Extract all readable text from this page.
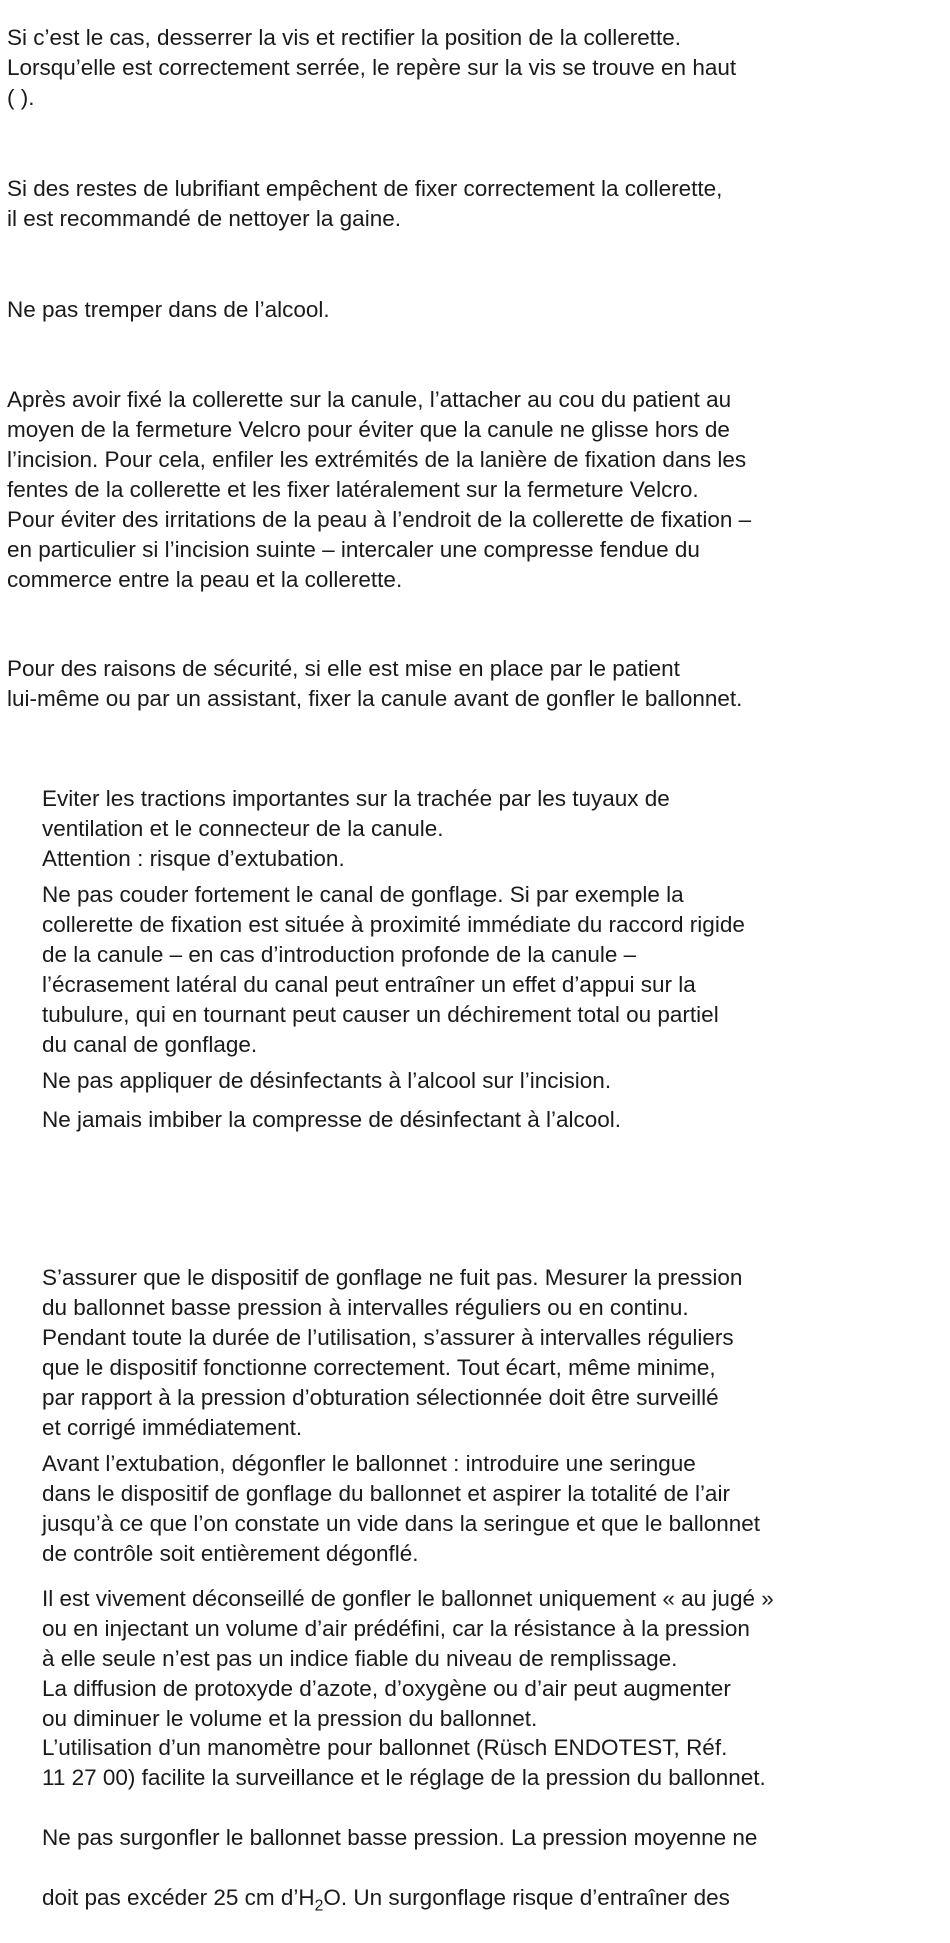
Si c’est le cas, desserrer la vis et rectifier la position de la collerette.
Lorsqu’elle est correctement serrée, le repère sur la vis se trouve en haut
( ).

Si des restes de lubrifiant empêchent de fixer correctement la collerette,
il est recommandé de nettoyer la gaine.

Ne pas tremper dans de l’alcool.

Après avoir fixé la collerette sur la canule, l’attacher au cou du patient au
moyen de la fermeture Velcro pour éviter que la canule ne glisse hors de
l’incision. Pour cela, enfiler les extrémités de la lanière de fixation dans les
fentes de la collerette et les fixer latéralement sur la fermeture Velcro.
Pour éviter des irritations de la peau à l’endroit de la collerette de fixation –
en particulier si l’incision suinte – intercaler une compresse fendue du
commerce entre la peau et la collerette.

Pour des raisons de sécurité, si elle est mise en place par le patient
lui-même ou par un assistant, fixer la canule avant de gonfler le ballonnet.

Eviter les tractions importantes sur la trachée par les tuyaux de
ventilation et le connecteur de la canule.
Attention : risque d’extubation.

Ne pas couder fortement le canal de gonflage. Si par exemple la
collerette de fixation est située à proximité immédiate du raccord rigide
de la canule – en cas d’introduction profonde de la canule –
l’écrasement latéral du canal peut entraîner un effet d’appui sur la
tubulure, qui en tournant peut causer un déchirement total ou partiel
du canal de gonflage.

Ne pas appliquer de désinfectants à l’alcool sur l’incision.

Ne jamais imbiber la compresse de désinfectant à l’alcool.

S’assurer que le dispositif de gonflage ne fuit pas. Mesurer la pression
du ballonnet basse pression à intervalles réguliers ou en continu.
Pendant toute la durée de l’utilisation, s’assurer à intervalles réguliers
que le dispositif fonctionne correctement. Tout écart, même minime,
par rapport à la pression d’obturation sélectionnée doit être surveillé
et corrigé immédiatement.

Avant l’extubation, dégonfler le ballonnet : introduire une seringue
dans le dispositif de gonflage du ballonnet et aspirer la totalité de l’air
jusqu’à ce que l’on constate un vide dans la seringue et que le ballonnet
de contrôle soit entièrement dégonflé.

Il est vivement déconseillé de gonfler le ballonnet uniquement « au jugé »
ou en injectant un volume d’air prédéfini, car la résistance à la pression
à elle seule n’est pas un indice fiable du niveau de remplissage.
La diffusion de protoxyde d’azote, d’oxygène ou d’air peut augmenter
ou diminuer le volume et la pression du ballonnet.

L’utilisation d’un manomètre pour ballonnet (Rüsch ENDOTEST, Réf.
11 27 00) facilite la surveillance et le réglage de la pression du ballonnet.

Ne pas surgonfler le ballonnet basse pression. La pression moyenne ne

doit pas excéder 25 cm $d’H_2O$. Un surgonflage risque d’entraîner des
